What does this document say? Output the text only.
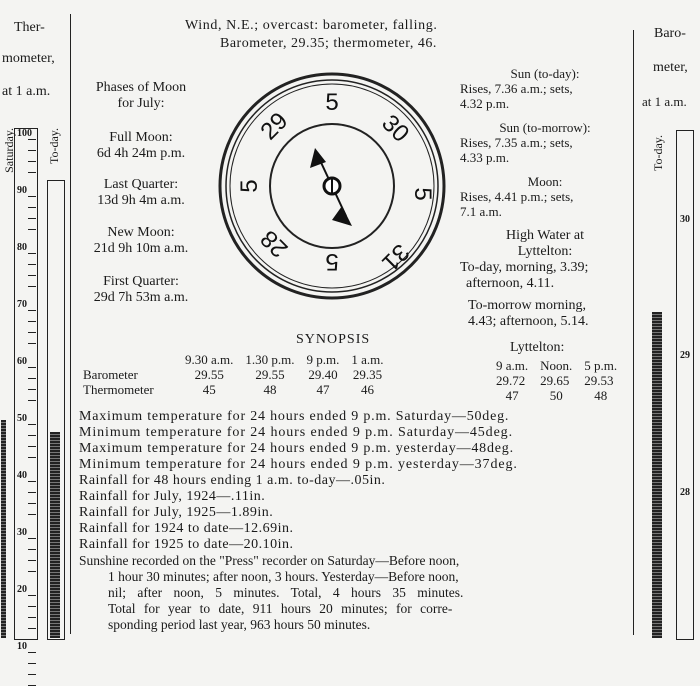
Ther-
mometer,
at 1 a.m.
Saturday.	To-day.
100
90
80
70
60
50
40
30
20
10
Baro-
meter,
at 1 a.m.
To-day.
30
29
28
Wind, N.E.; overcast: barometer, falling.
Barometer, 29.35; thermometer, 46.
Phases of Moon
for July:
Full Moon:
6d 4h 24m p.m.
Last Quarter:
13d 9h 4m a.m.
New Moon:
21d 9h 10m a.m.
First Quarter:
29d 7h 53m a.m.
5
30
5
31
5
28
5
29
Sun (to-day):
Rises, 7.36 a.m.; sets,
4.32 p.m.
Sun (to-morrow):
Rises, 7.35 a.m.; sets,
4.33 p.m.
Moon:
Rises, 4.41 p.m.; sets,
7.1 a.m.
High Water at
Lyttelton:
To-day, morning, 3.39;
afternoon, 4.11.
To-morrow morning,
4.43; afternoon, 5.14.
Lyttelton:
9 a.m.	Noon.	5 p.m.
29.72	29.65	29.53
47	50	48
SYNOPSIS
	9.30 a.m.	1.30 p.m.	9 p.m.	1 a.m.
Barometer	29.55	29.55	29.40	29.35
Thermometer	45	48	47	46
Maximum temperature for 24 hours ended 9 p.m. Saturday—50deg.
Minimum temperature for 24 hours ended 9 p.m. Saturday—45deg.
Maximum temperature for 24 hours ended 9 p.m. yesterday—48deg.
Minimum temperature for 24 hours ended 9 p.m. yesterday—37deg.
Rainfall for 48 hours ending 1 a.m. to-day—.05in.
Rainfall for July, 1924—.11in.
Rainfall for July, 1925—1.89in.
Rainfall for 1924 to date—12.69in.
Rainfall for 1925 to date—20.10in.
Sunshine recorded on the "Press" recorder on Saturday—Before noon,
1 hour 30 minutes; after noon, 3 hours. Yesterday—Before noon,
nil; after noon, 5 minutes. Total, 4 hours 35 minutes.
Total for year to date, 911 hours 20 minutes; for corre-
sponding period last year, 963 hours 50 minutes.
